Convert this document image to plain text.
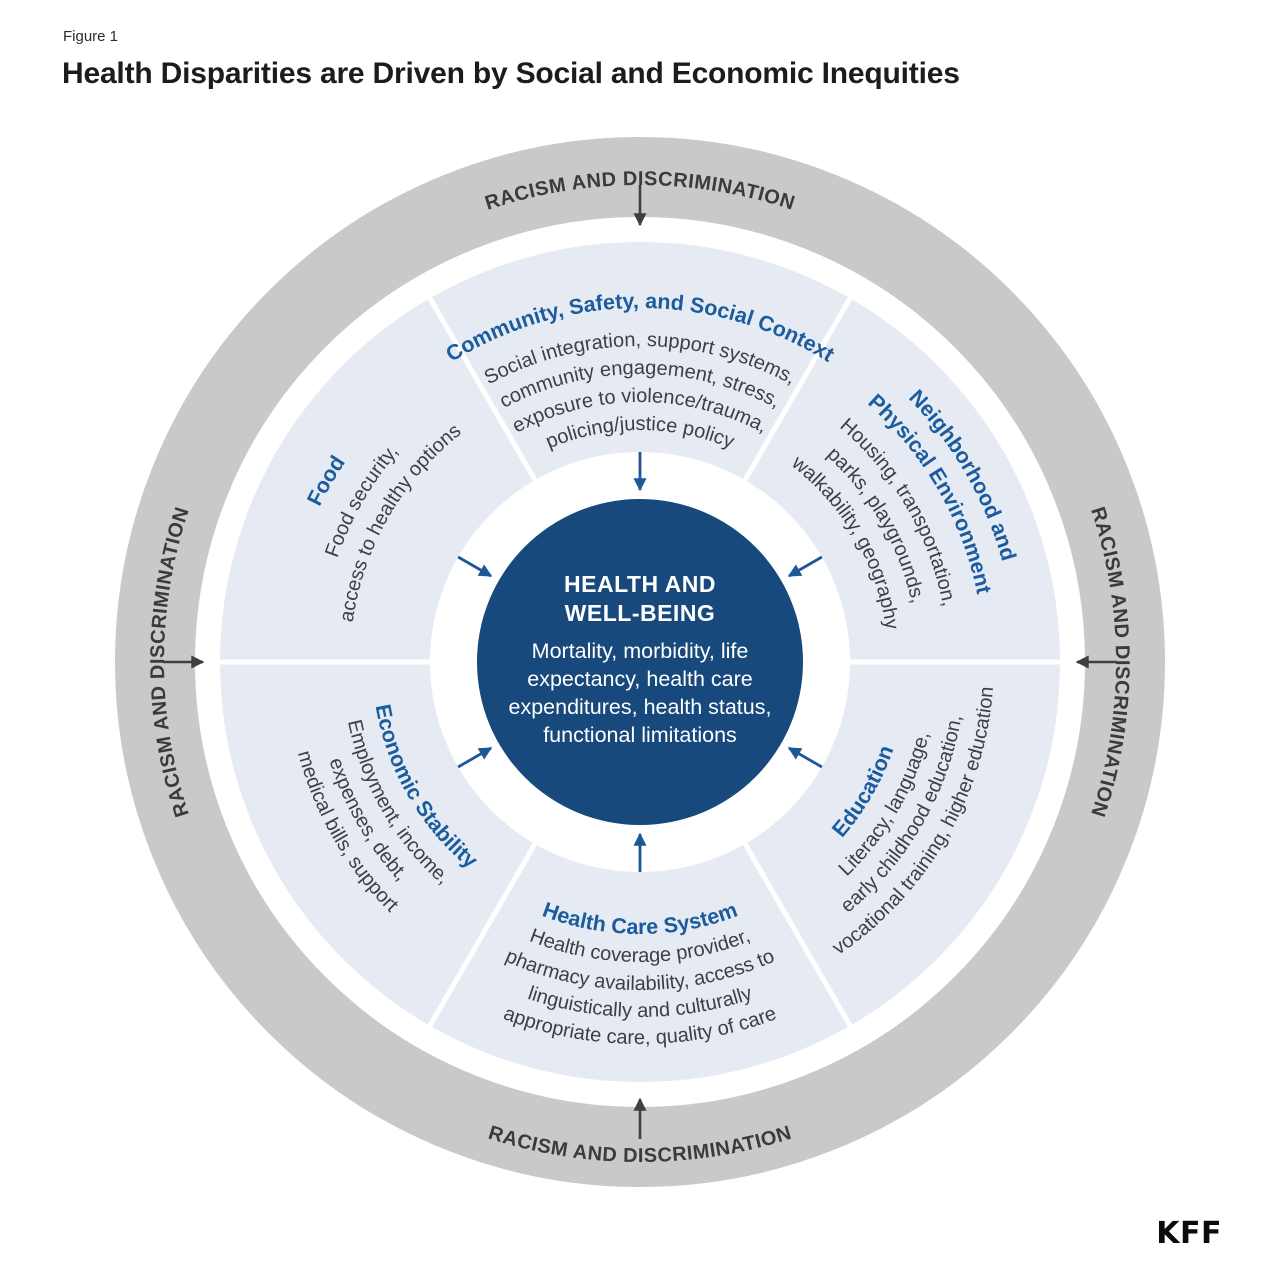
Figure 1
Health Disparities are Driven by Social and Economic Inequities
Community, Safety, and Social Context
Social integration, support systems,
community engagement, stress,
exposure to violence/trauma,
policing/justice policy
Neighborhood and
Physical Environment
Housing, transportation,
parks, playgrounds,
walkability, geography
Education
Literacy, language,
early childhood education,
vocational training, higher education
Health Care System
Health coverage provider,
pharmacy availability, access to
linguistically and culturally
appropriate care, quality of care
Economic Stability
Employment, income,
expenses, debt,
medical bills, support
Food
Food security,
access to healthy options
RACISM AND DISCRIMINATION
RACISM AND DISCRIMINATION
RACISM AND DISCRIMINATION
RACISM AND DISCRIMINATION
HEALTH AND
WELL-BEING
Mortality, morbidity, life
expectancy, health care
expenditures, health status,
functional limitations
KFF
